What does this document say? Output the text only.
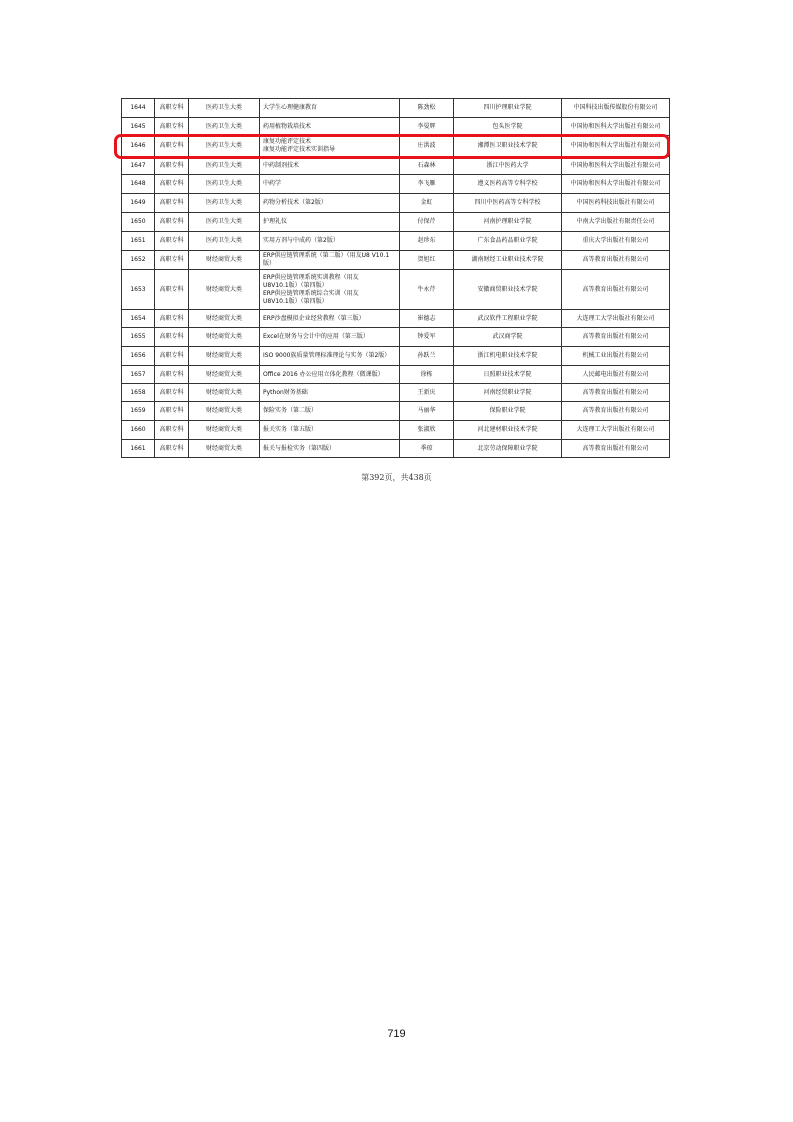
1644	高职专科	医药卫生大类	大学生心理健康教育	陈劲松	四川护理职业学院	中国科技出版传媒股份有限公司
1645	高职专科	医药卫生大类	药用植物栽培技术	李晏辉	包头医学院	中国协和医科大学出版社有限公司
1646	高职专科	医药卫生大类	康复功能评定技术
康复功能评定技术实训指导	庄洪波	湘潭医卫职业技术学院	中国协和医科大学出版社有限公司
1647	高职专科	医药卫生大类	中药制剂技术	石森林	浙江中医药大学	中国协和医科大学出版社有限公司
1648	高职专科	医药卫生大类	中药学	李飞雁	遵义医药高等专科学校	中国协和医科大学出版社有限公司
1649	高职专科	医药卫生大类	药物分析技术（第2版）	金虹	四川中医药高等专科学校	中国医药科技出版社有限公司
1650	高职专科	医药卫生大类	护理礼仪	付保芹	河南护理职业学院	中南大学出版社有限责任公司
1651	高职专科	医药卫生大类	实用方剂与中成药（第2版）	赵珍东	广东食品药品职业学院	重庆大学出版社有限公司
1652	高职专科	财经商贸大类	ERP供应链管理系统（第二版）（用友U8 V10.1
版）	贺旭红	湖南财经工业职业技术学院	高等教育出版社有限公司
1653	高职专科	财经商贸大类	ERP供应链管理系统实训教程（用友
U8V10.1版）（第四版）
ERP供应链管理系统综合实训（用友
U8V10.1版）（第四版）	牛永芹	安徽商贸职业技术学院	高等教育出版社有限公司
1654	高职专科	财经商贸大类	ERP沙盘模拟企业经营教程（第三版）	崔德志	武汉软件工程职业学院	大连理工大学出版社有限公司
1655	高职专科	财经商贸大类	Excel在财务与会计中的应用（第三版）	钟爱军	武汉商学院	高等教育出版社有限公司
1656	高职专科	财经商贸大类	ISO 9000族质量管理标准理论与实务（第2版）	孙跃兰	浙江机电职业技术学院	机械工业出版社有限公司
1657	高职专科	财经商贸大类	Office 2016 办公应用立体化教程（微课版）	徐栋	日照职业技术学院	人民邮电出版社有限公司
1658	高职专科	财经商贸大类	Python财务基础	王新庆	河南经贸职业学院	高等教育出版社有限公司
1659	高职专科	财经商贸大类	保险实务（第二版）	马丽华	保险职业学院	高等教育出版社有限公司
1660	高职专科	财经商贸大类	报关实务（第五版）	张淑欣	河北建材职业技术学院	大连理工大学出版社有限公司
1661	高职专科	财经商贸大类	报关与报检实务（第四版）	季琼	北京劳动保障职业学院	高等教育出版社有限公司
第392页，共438页
719
